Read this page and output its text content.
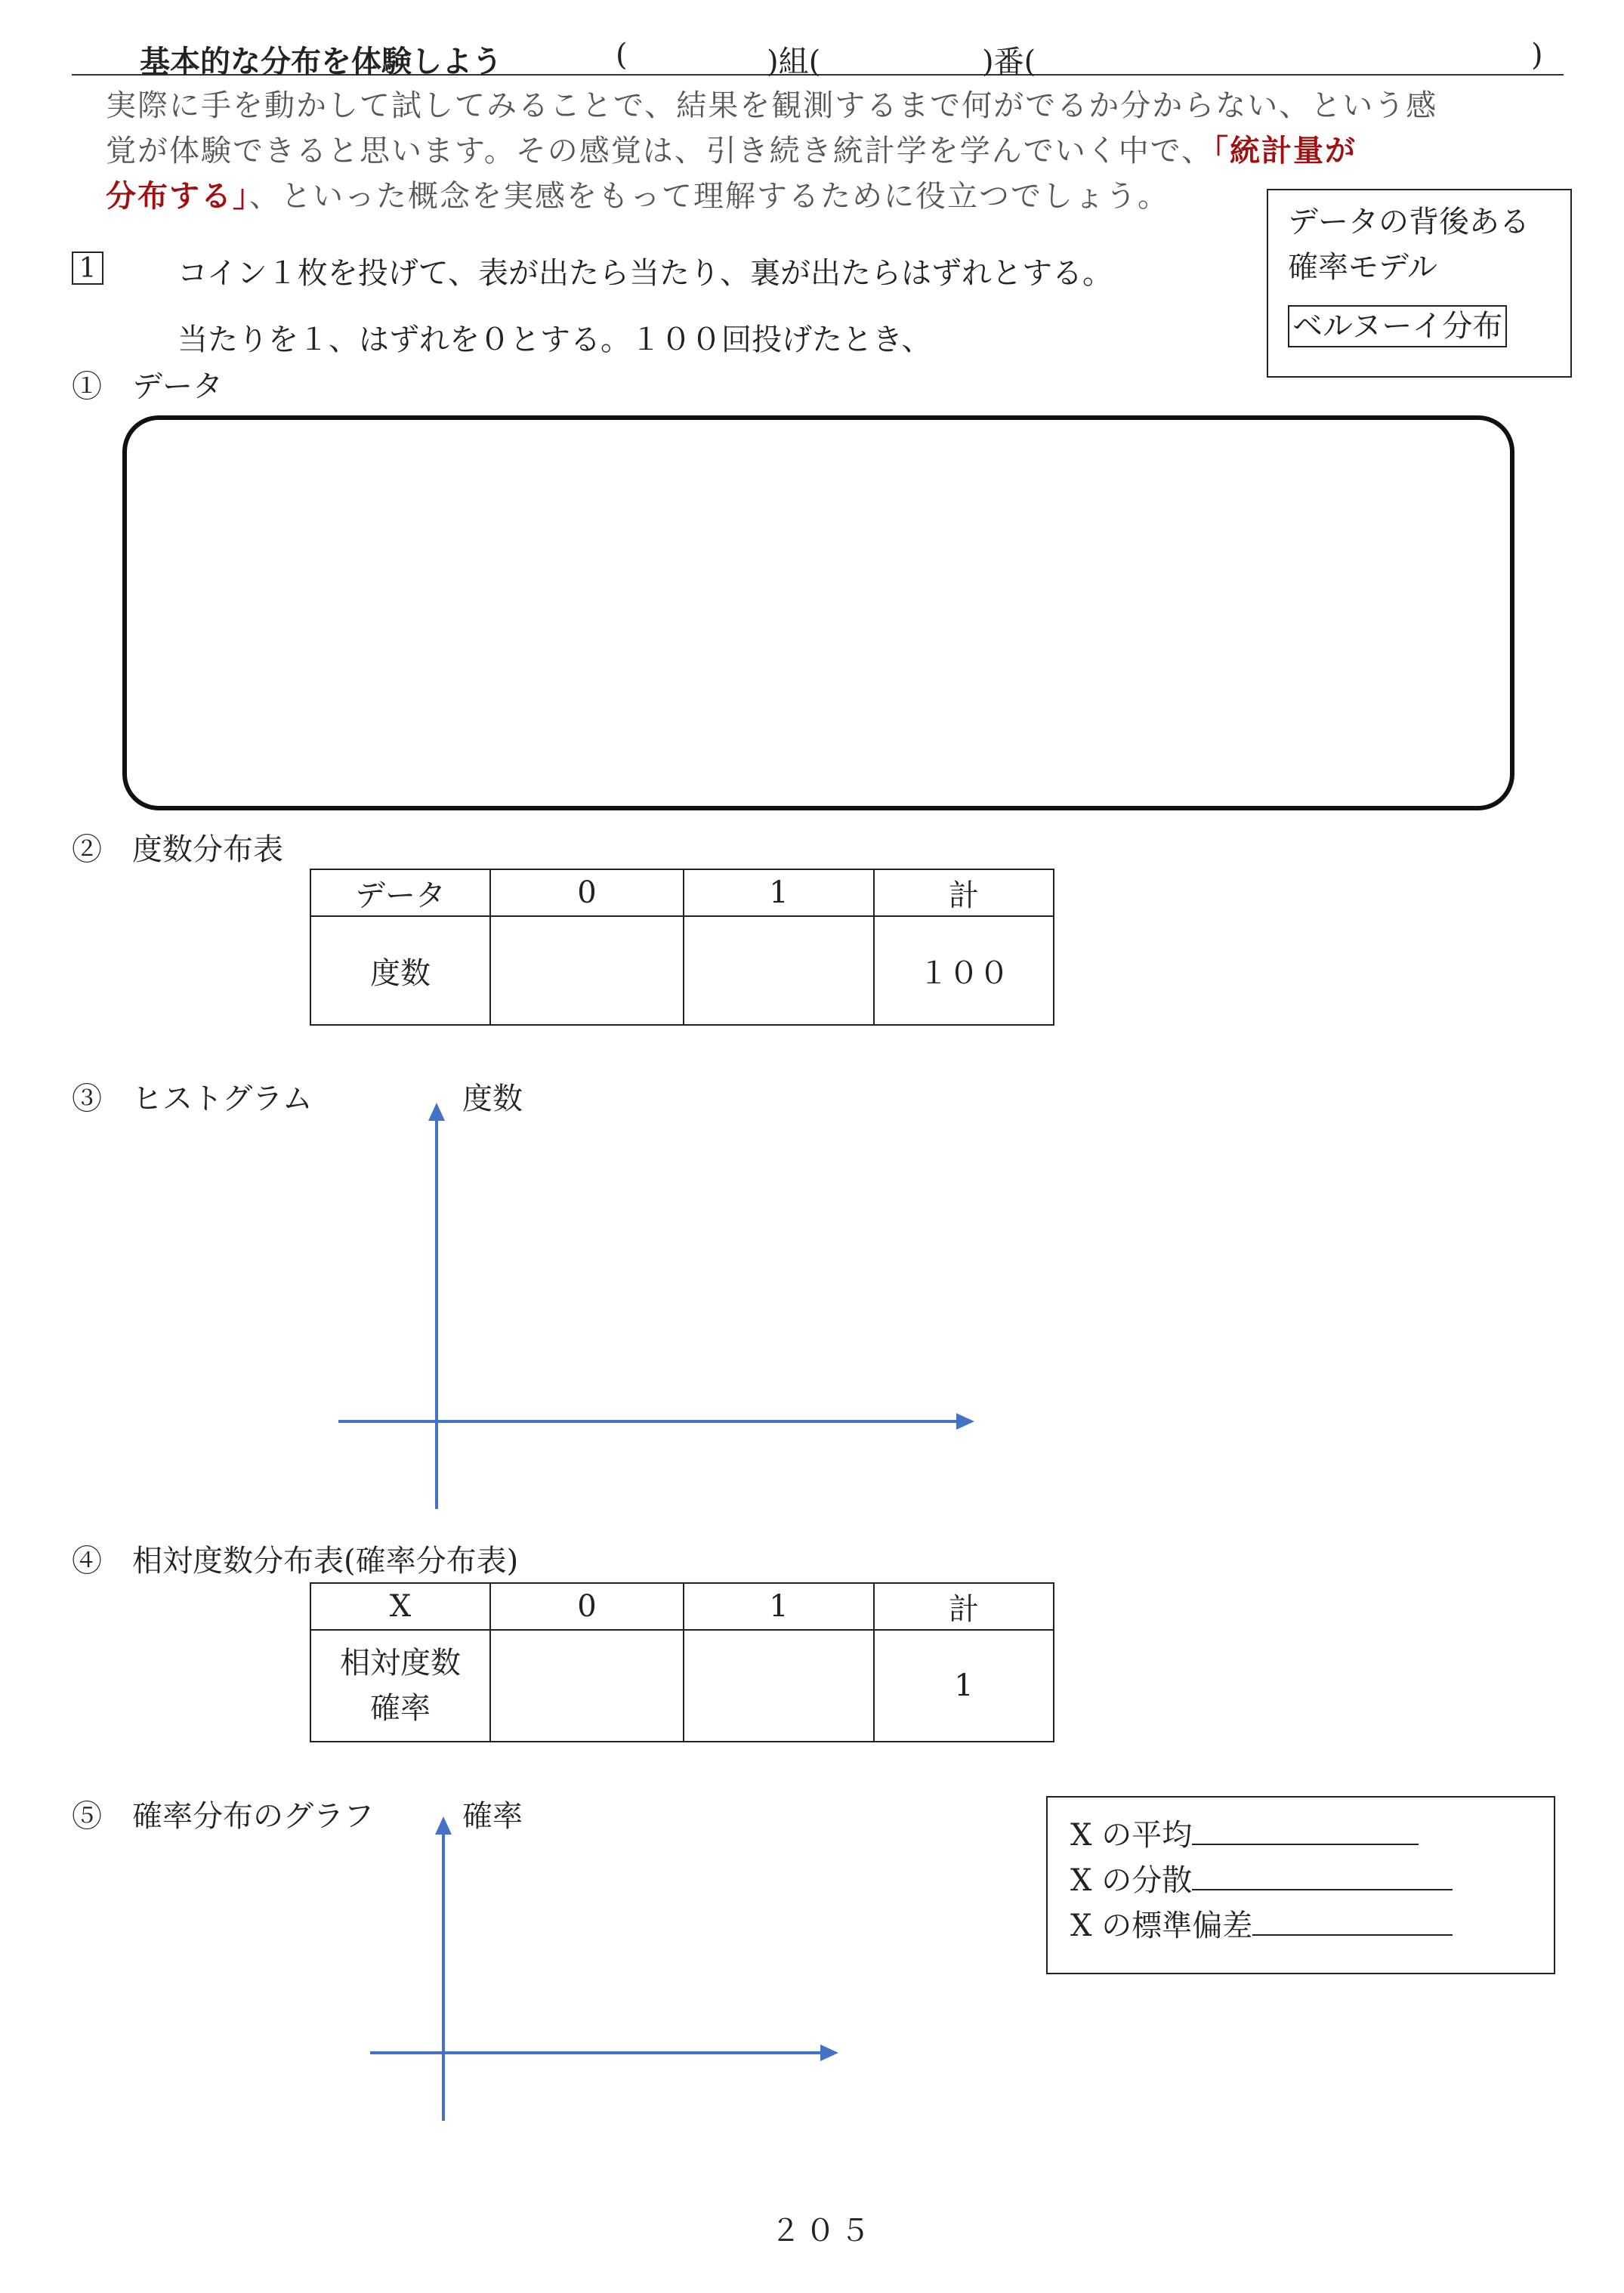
基本的な分布を体験しよう	(	)組(	)番(	)
実際に手を動かして試してみることで、結果を観測するまで何がでるか分からない、という感
覚が体験できると思います。その感覚は、引き続き統計学を学んでいく中で、「統計量が
分布する」、といった概念を実感をもって理解するために役立つでしょう。
データの背後ある
確率モデル
ベルヌーイ分布
1	コイン１枚を投げて、表が出たら当たり、裏が出たらはずれとする。
当たりを１、はずれを０とする。１００回投げたとき、
①　データ
②　度数分布表
データ	0	1	計
度数			１００
③　ヒストグラム	度数
④　相対度数分布表(確率分布表)
X	0	1	計

相対度数
確率			1
⑤　確率分布のグラフ	確率
X の平均
X の分散
X の標準偏差
２０５
